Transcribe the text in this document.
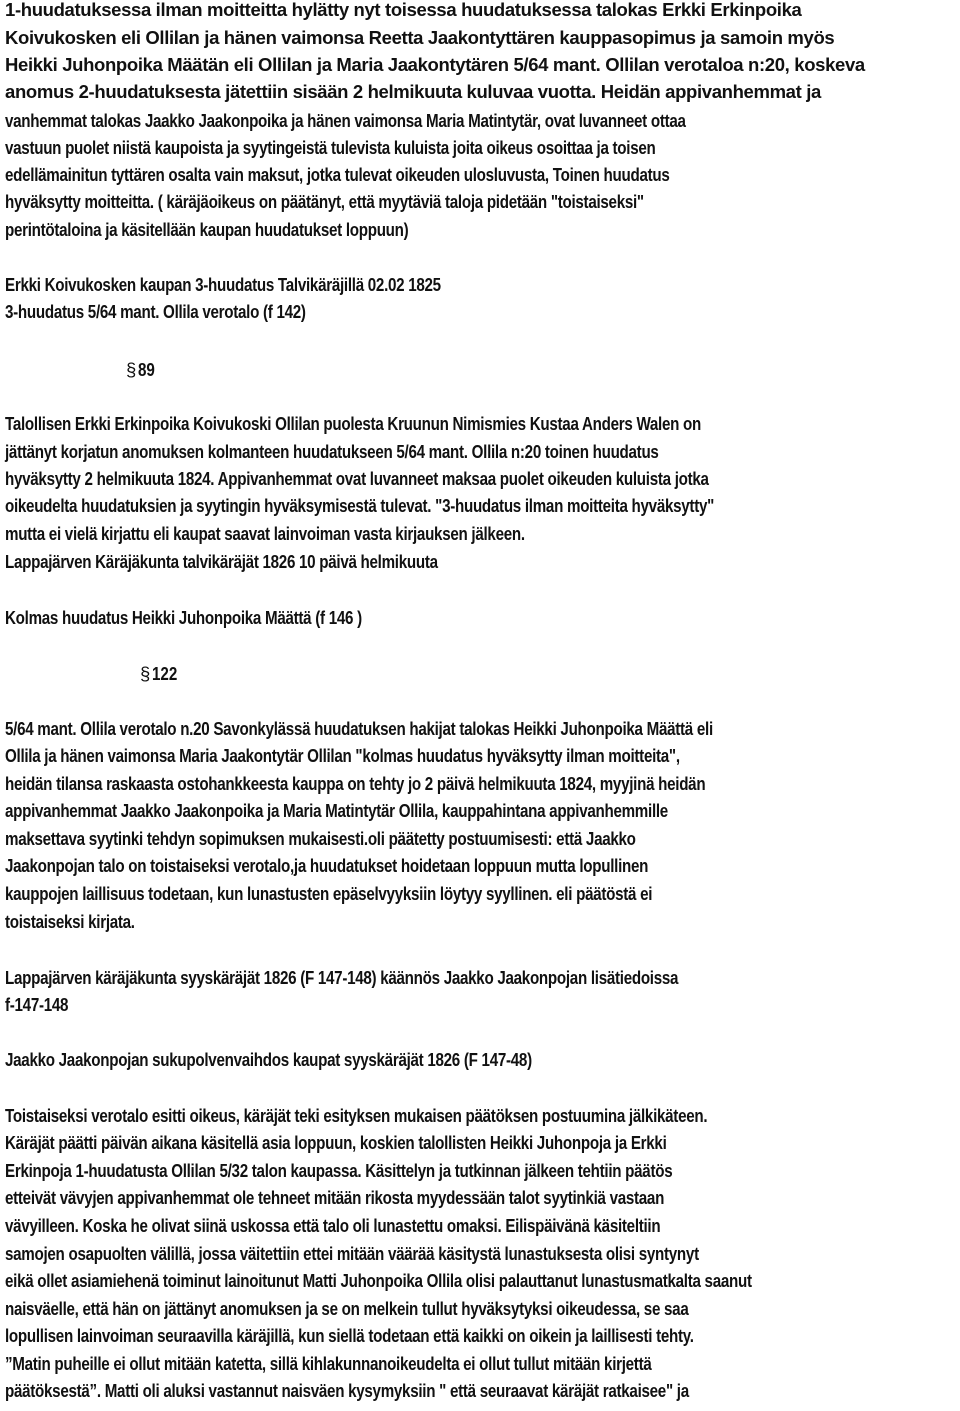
1-huudatuksessa ilman moitteitta hylätty nyt toisessa huudatuksessa talokas Erkki Erkinpoika
Koivukosken eli Ollilan ja hänen vaimonsa Reetta Jaakontyttären kauppasopimus ja samoin myös
Heikki Juhonpoika Määtän eli Ollilan ja Maria Jaakontytären 5/64 mant. Ollilan verotaloa n:20, koskeva
anomus 2-huudatuksesta jätettiin sisään 2 helmikuuta kuluvaa vuotta. Heidän appivanhemmat ja
vanhemmat talokas Jaakko Jaakonpoika ja hänen vaimonsa Maria Matintytär, ovat luvanneet ottaa
vastuun puolet niistä kaupoista ja syytingeistä tulevista kuluista joita oikeus osoittaa ja toisen
edellämainitun tyttären osalta vain maksut, jotka tulevat oikeuden ulosluvusta, Toinen huudatus
hyväksytty moitteitta. ( käräjäoikeus on päätänyt, että myytäviä taloja pidetään "toistaiseksi"
perintötaloina ja käsitellään kaupan huudatukset loppuun)
Erkki Koivukosken kaupan 3-huudatus Talvikäräjillä 02.02 1825
3-huudatus 5/64 mant. Ollila verotalo (f 142)
§ 89
Talollisen Erkki Erkinpoika Koivukoski Ollilan puolesta Kruunun Nimismies Kustaa Anders Walen on
jättänyt korjatun anomuksen kolmanteen huudatukseen 5/64 mant. Ollila n:20 toinen huudatus
hyväksytty 2 helmikuuta 1824. Appivanhemmat ovat luvanneet maksaa puolet oikeuden kuluista jotka
oikeudelta huudatuksien ja syytingin hyväksymisestä tulevat. "3-huudatus ilman moitteita hyväksytty"
mutta ei vielä kirjattu eli kaupat saavat lainvoiman vasta kirjauksen jälkeen.
Lappajärven Käräjäkunta talvikäräjät 1826 10 päivä helmikuuta
Kolmas huudatus Heikki Juhonpoika Määttä (f 146 )
§ 122
5/64 mant. Ollila verotalo n.20 Savonkylässä huudatuksen hakijat talokas Heikki Juhonpoika Määttä eli
Ollila ja hänen vaimonsa Maria Jaakontytär Ollilan "kolmas huudatus hyväksytty ilman moitteita",
heidän tilansa raskaasta ostohankkeesta kauppa on tehty jo 2 päivä helmikuuta 1824, myyjinä heidän
appivanhemmat Jaakko Jaakonpoika ja Maria Matintytär Ollila, kauppahintana appivanhemmille
maksettava syytinki tehdyn sopimuksen mukaisesti.oli päätetty postuumisesti: että Jaakko
Jaakonpojan talo on toistaiseksi verotalo,ja huudatukset hoidetaan loppuun mutta lopullinen
kauppojen laillisuus todetaan, kun lunastusten epäselvyyksiin löytyy syyllinen. eli päätöstä ei
toistaiseksi kirjata.
Lappajärven käräjäkunta syyskäräjät 1826 (F 147-148) käännös Jaakko Jaakonpojan lisätiedoissa
f-147-148
Jaakko Jaakonpojan sukupolvenvaihdos kaupat syyskäräjät 1826 (F 147-48)
Toistaiseksi verotalo esitti oikeus, käräjät teki esityksen mukaisen päätöksen postuumina jälkikäteen.
Käräjät päätti päivän aikana käsitellä asia loppuun, koskien talollisten Heikki Juhonpoja ja Erkki
Erkinpoja 1-huudatusta Ollilan 5/32 talon kaupassa. Käsittelyn ja tutkinnan jälkeen tehtiin päätös
etteivät vävyjen appivanhemmat ole tehneet mitään rikosta myydessään talot syytinkiä vastaan
vävyilleen. Koska he olivat siinä uskossa että talo oli lunastettu omaksi. Eilispäivänä käsiteltiin
samojen osapuolten välillä, jossa väitettiin ettei mitään väärää käsitystä lunastuksesta olisi syntynyt
eikä ollet asiamiehenä toiminut lainoitunut Matti Juhonpoika Ollila olisi palauttanut lunastusmatkalta saanut
naisväelle, että hän on jättänyt anomuksen ja se on melkein tullut hyväksytyksi oikeudessa, se saa
lopullisen lainvoiman seuraavilla käräjillä, kun siellä todetaan että kaikki on oikein ja laillisesti tehty.
”Matin puheille ei ollut mitään katetta, sillä kihlakunnanoikeudelta ei ollut tullut mitään kirjettä
päätöksestä”. Matti oli aluksi vastannut naisväen kysymyksiin " että seuraavat käräjät ratkaisee" ja
